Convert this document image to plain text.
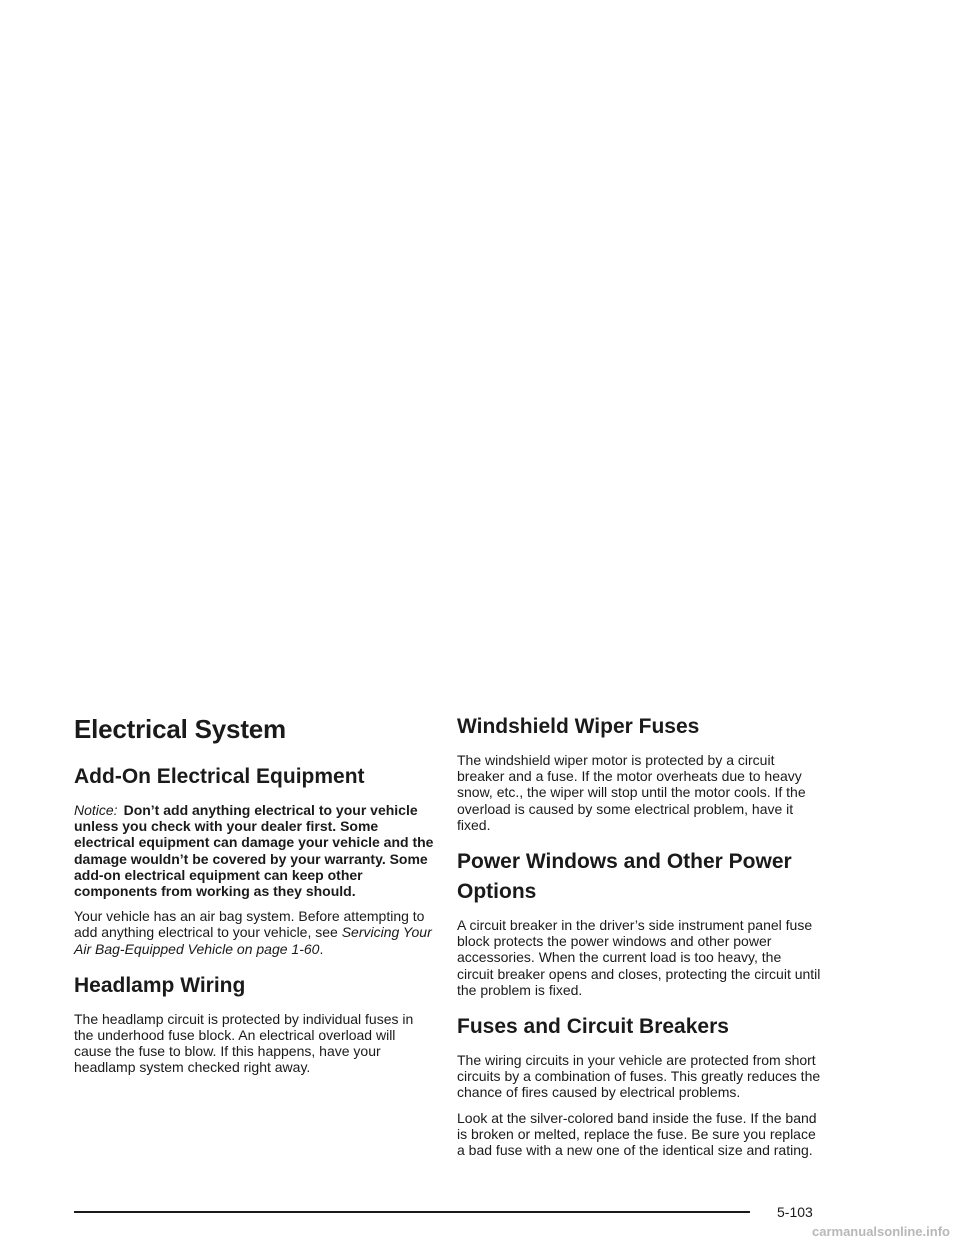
Electrical System
Add-On Electrical Equipment

Notice: Don’t add anything electrical to your vehicle unless you check with your dealer first. Some electrical equipment can damage your vehicle and the damage wouldn’t be covered by your warranty. Some add-on electrical equipment can keep other components from working as they should.

Your vehicle has an air bag system. Before attempting to add anything electrical to your vehicle, see Servicing Your Air Bag-Equipped Vehicle on page 1-60.

Headlamp Wiring

The headlamp circuit is protected by individual fuses in the underhood fuse block. An electrical overload will cause the fuse to blow. If this happens, have your headlamp system checked right away.

Windshield Wiper Fuses

The windshield wiper motor is protected by a circuit breaker and a fuse. If the motor overheats due to heavy snow, etc., the wiper will stop until the motor cools. If the overload is caused by some electrical problem, have it fixed.

Power Windows and Other Power Options

A circuit breaker in the driver’s side instrument panel fuse block protects the power windows and other power accessories. When the current load is too heavy, the circuit breaker opens and closes, protecting the circuit until the problem is fixed.

Fuses and Circuit Breakers

The wiring circuits in your vehicle are protected from short circuits by a combination of fuses. This greatly reduces the chance of fires caused by electrical problems.

Look at the silver-colored band inside the fuse. If the band is broken or melted, replace the fuse. Be sure you replace a bad fuse with a new one of the identical size and rating.

5-103
carmanualsonline.info
